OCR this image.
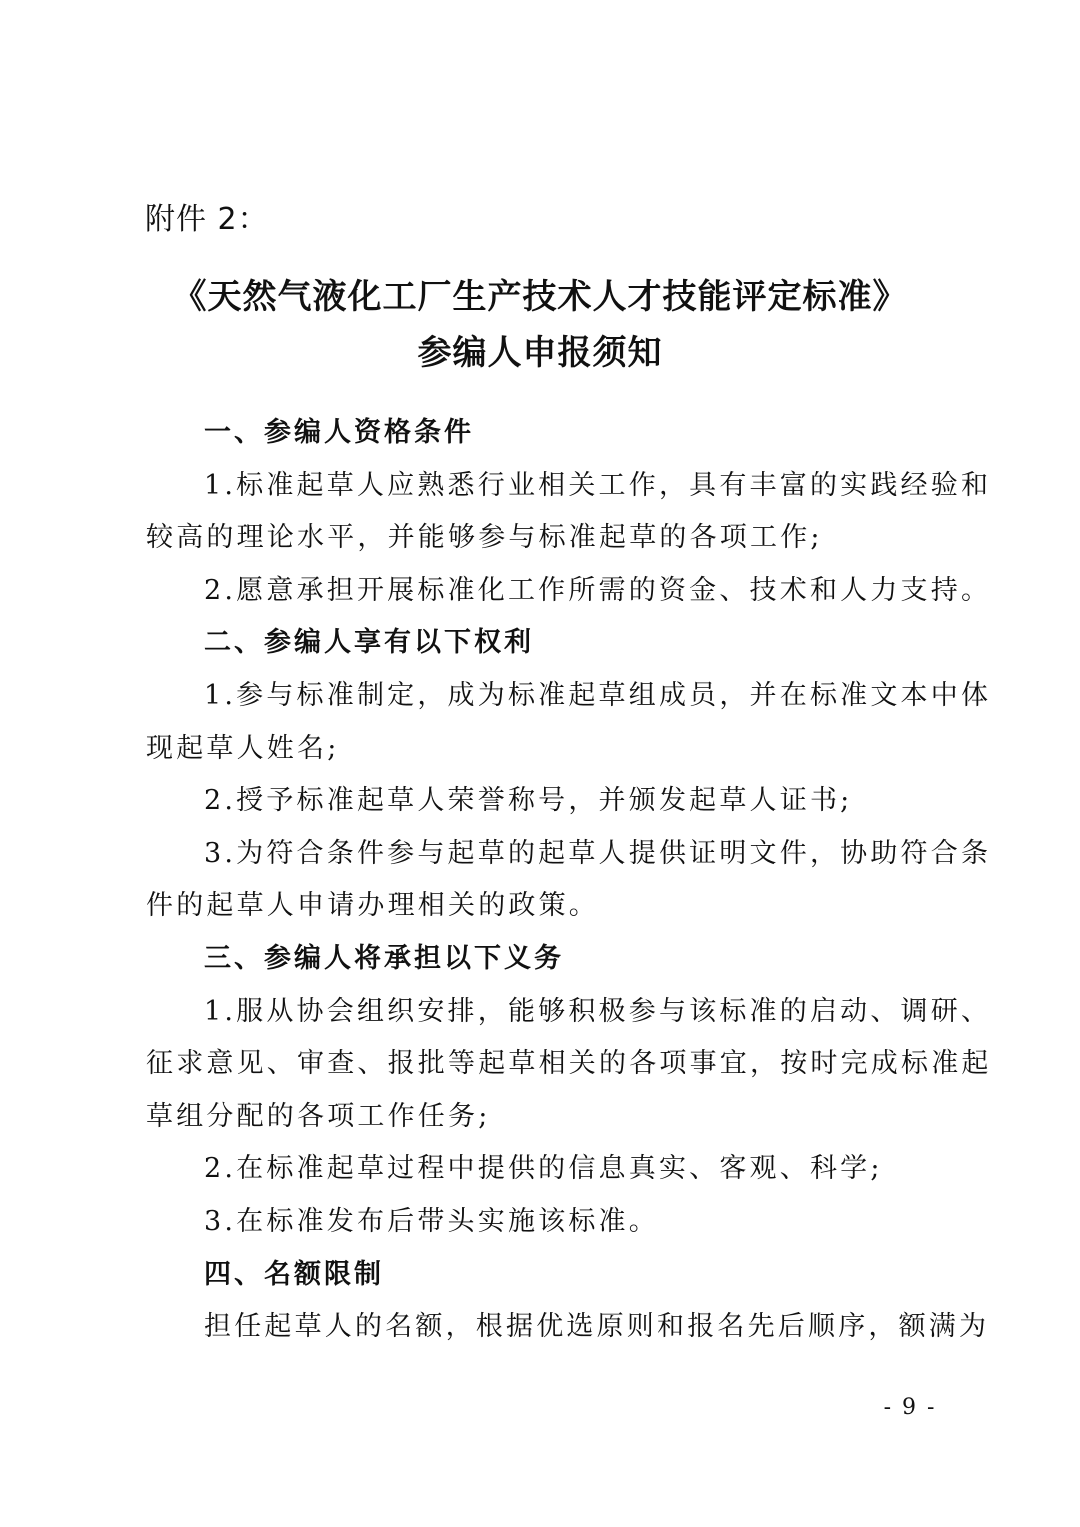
附件 2：
《天然气液化工厂生产技术人才技能评定标准》
参编人申报须知
一、参编人资格条件
1.标准起草人应熟悉行业相关工作，具有丰富的实践经验和
较高的理论水平，并能够参与标准起草的各项工作;
2.愿意承担开展标准化工作所需的资金、技术和人力支持。
二、参编人享有以下权利
1.参与标准制定，成为标准起草组成员，并在标准文本中体
现起草人姓名;
2.授予标准起草人荣誉称号，并颁发起草人证书;
3.为符合条件参与起草的起草人提供证明文件，协助符合条
件的起草人申请办理相关的政策。
三、参编人将承担以下义务
1.服从协会组织安排，能够积极参与该标准的启动、调研、
征求意见、审查、报批等起草相关的各项事宜，按时完成标准起
草组分配的各项工作任务;
2.在标准起草过程中提供的信息真实、客观、科学;
3.在标准发布后带头实施该标准。
四、名额限制
担任起草人的名额，根据优选原则和报名先后顺序，额满为
- 9 -
